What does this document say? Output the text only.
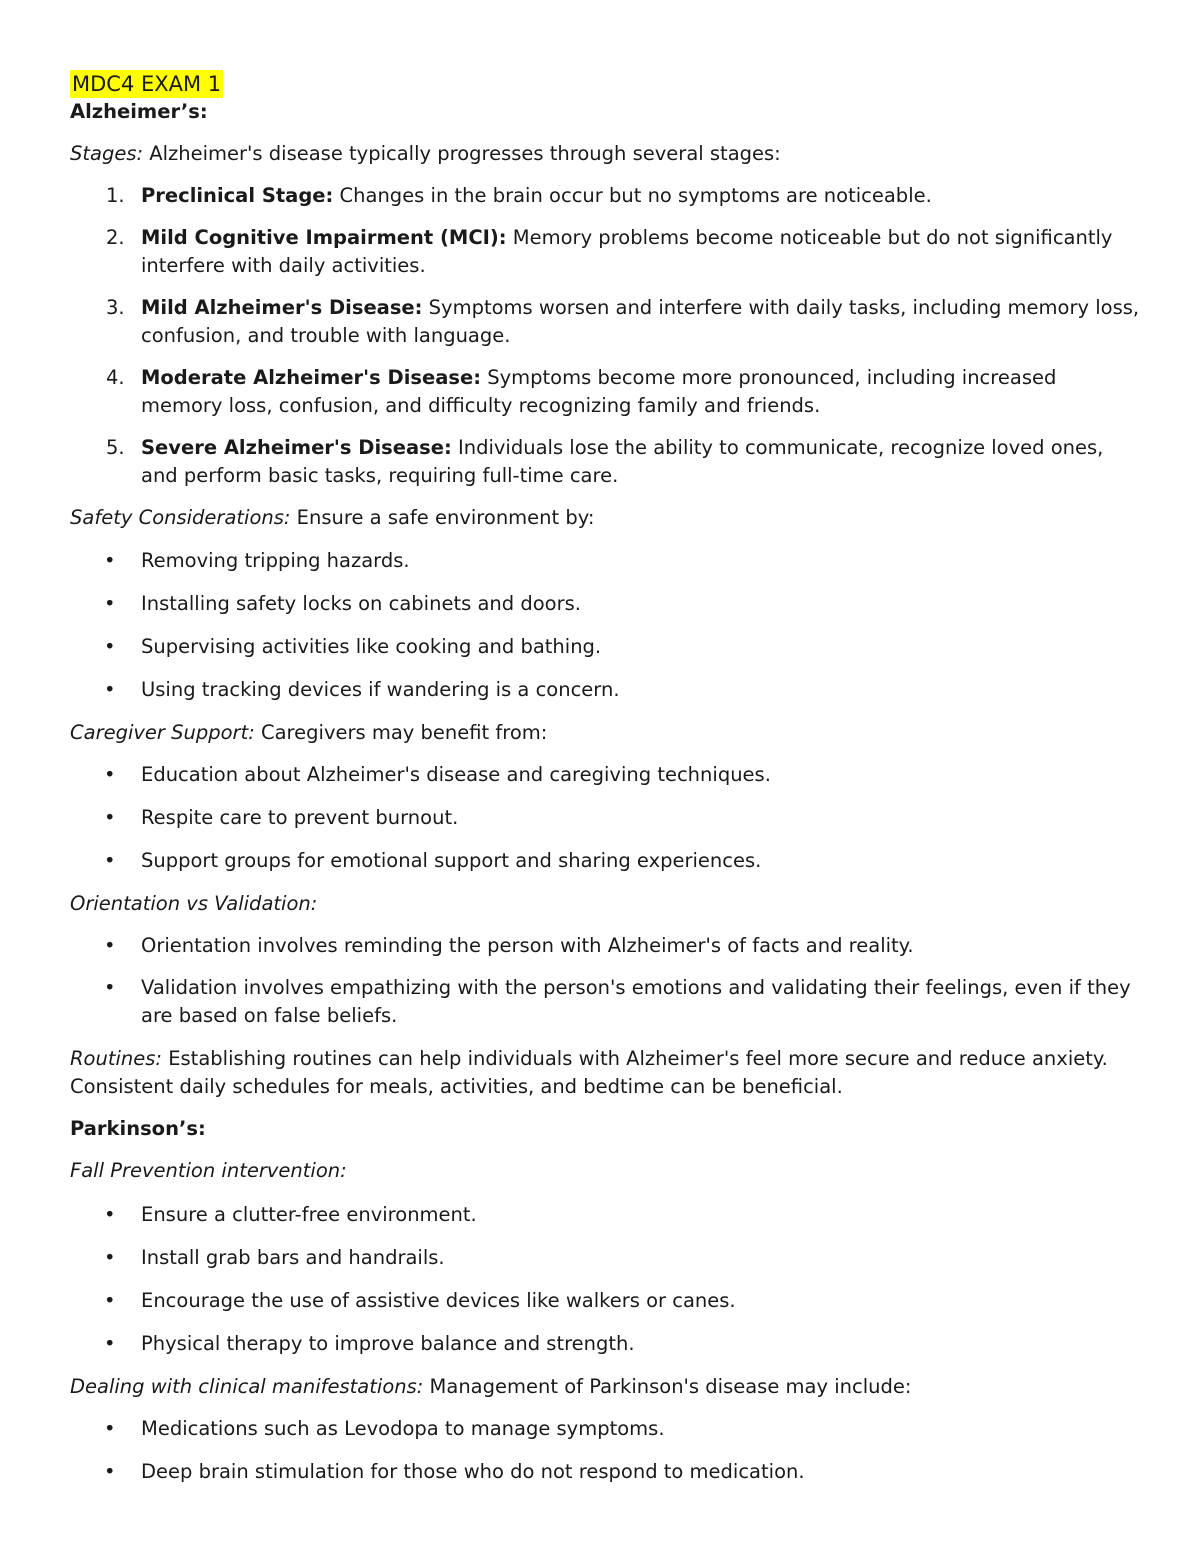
MDC4 EXAM 1

Alzheimer’s:

Stages: Alzheimer's disease typically progresses through several stages:

1. Preclinical Stage: Changes in the brain occur but no symptoms are noticeable.
2. Mild Cognitive Impairment (MCI): Memory problems become noticeable but do not significantly interfere with daily activities.
3. Mild Alzheimer's Disease: Symptoms worsen and interfere with daily tasks, including memory loss, confusion, and trouble with language.
4. Moderate Alzheimer's Disease: Symptoms become more pronounced, including increased memory loss, confusion, and difficulty recognizing family and friends.
5. Severe Alzheimer's Disease: Individuals lose the ability to communicate, recognize loved ones, and perform basic tasks, requiring full-time care.

Safety Considerations: Ensure a safe environment by:

• Removing tripping hazards.
• Installing safety locks on cabinets and doors.
• Supervising activities like cooking and bathing.
• Using tracking devices if wandering is a concern.

Caregiver Support: Caregivers may benefit from:

• Education about Alzheimer's disease and caregiving techniques.
• Respite care to prevent burnout.
• Support groups for emotional support and sharing experiences.

Orientation vs Validation:

• Orientation involves reminding the person with Alzheimer's of facts and reality.
• Validation involves empathizing with the person's emotions and validating their feelings, even if they are based on false beliefs.

Routines: Establishing routines can help individuals with Alzheimer's feel more secure and reduce anxiety. Consistent daily schedules for meals, activities, and bedtime can be beneficial.

Parkinson’s:

Fall Prevention intervention:

• Ensure a clutter-free environment.
• Install grab bars and handrails.
• Encourage the use of assistive devices like walkers or canes.
• Physical therapy to improve balance and strength.

Dealing with clinical manifestations: Management of Parkinson's disease may include:

• Medications such as Levodopa to manage symptoms.
• Deep brain stimulation for those who do not respond to medication.
